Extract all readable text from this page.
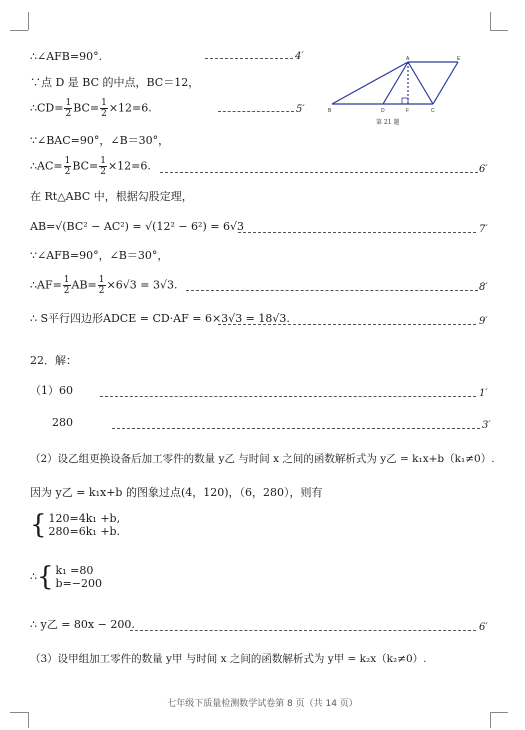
A	E
B	D	F	C
第 21 题
∴∠AFB=90°.	4′
∵点 D 是 BC 的中点，BC＝12，
∴CD= $\frac{1}{2} BC= \frac{1}{2} \times 12=6$.	5′
∵∠BAC=90°，∠B＝30°，
∴AC= $\frac{1}{2} BC= \frac{1}{2} \times 12=6$.	6′
在 Rt△ABC 中，根据勾股定理，
AB=√(BC² − AC²) = √(12² − 6²) = 6√3	7′
∵∠AFB=90°，∠B＝30°，
∴AF= $\frac{1}{2} AB= \frac{1}{2} \times 6√3 = 3√3$.	8′
∴ S平行四边形ADCE = CD·AF = 6×3√3 = 18√3.	9′
22．解：
（1）60	1′
280	3′
（2）设乙组更换设备后加工零件的数量 y乙 与时间 x 之间的函数解析式为 y乙 = k₁x+b（k₁≠0）.
因为 y乙 = k₁x+b 的图象过点(4，120)，（6，280），则有
{ 120=4k₁ +b,
280=6k₁ +b.
∴{ k₁ =80
b=−200
∴ y乙 = 80x − 200.	6′
（3）设甲组加工零件的数量 y甲 与时间 x 之间的函数解析式为 y甲 = k₂x（k₂≠0）.
七年级下质量检测数学试卷第 8 页（共 14 页）
